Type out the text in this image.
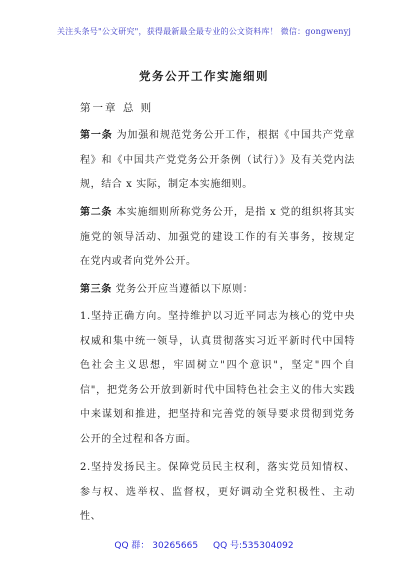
关注头条号"公文研究"，获得最新最全最专业的公文资料库！ 微信：gongwenyj
党务公开工作实施细则
第一章 总 则
第一条 为加强和规范党务公开工作，根据《中国共产党章程》和《中国共产党党务公开条例（试行）》及有关党内法规，结合 x 实际，制定本实施细则。
第二条 本实施细则所称党务公开，是指 x 党的组织将其实施党的领导活动、加强党的建设工作的有关事务，按规定在党内或者向党外公开。
第三条 党务公开应当遵循以下原则：
1.坚持正确方向。坚持维护以习近平同志为核心的党中央权威和集中统一领导，认真贯彻落实习近平新时代中国特色社会主义思想，牢固树立"四个意识"，坚定"四个自信"，把党务公开放到新时代中国特色社会主义的伟大实践中来谋划和推进，把坚持和完善党的领导要求贯彻到党务公开的全过程和各方面。
2.坚持发扬民主。保障党员民主权利，落实党员知情权、参与权、选举权、监督权，更好调动全党积极性、主动性、
QQ 群： 30265665 QQ 号:535304092
